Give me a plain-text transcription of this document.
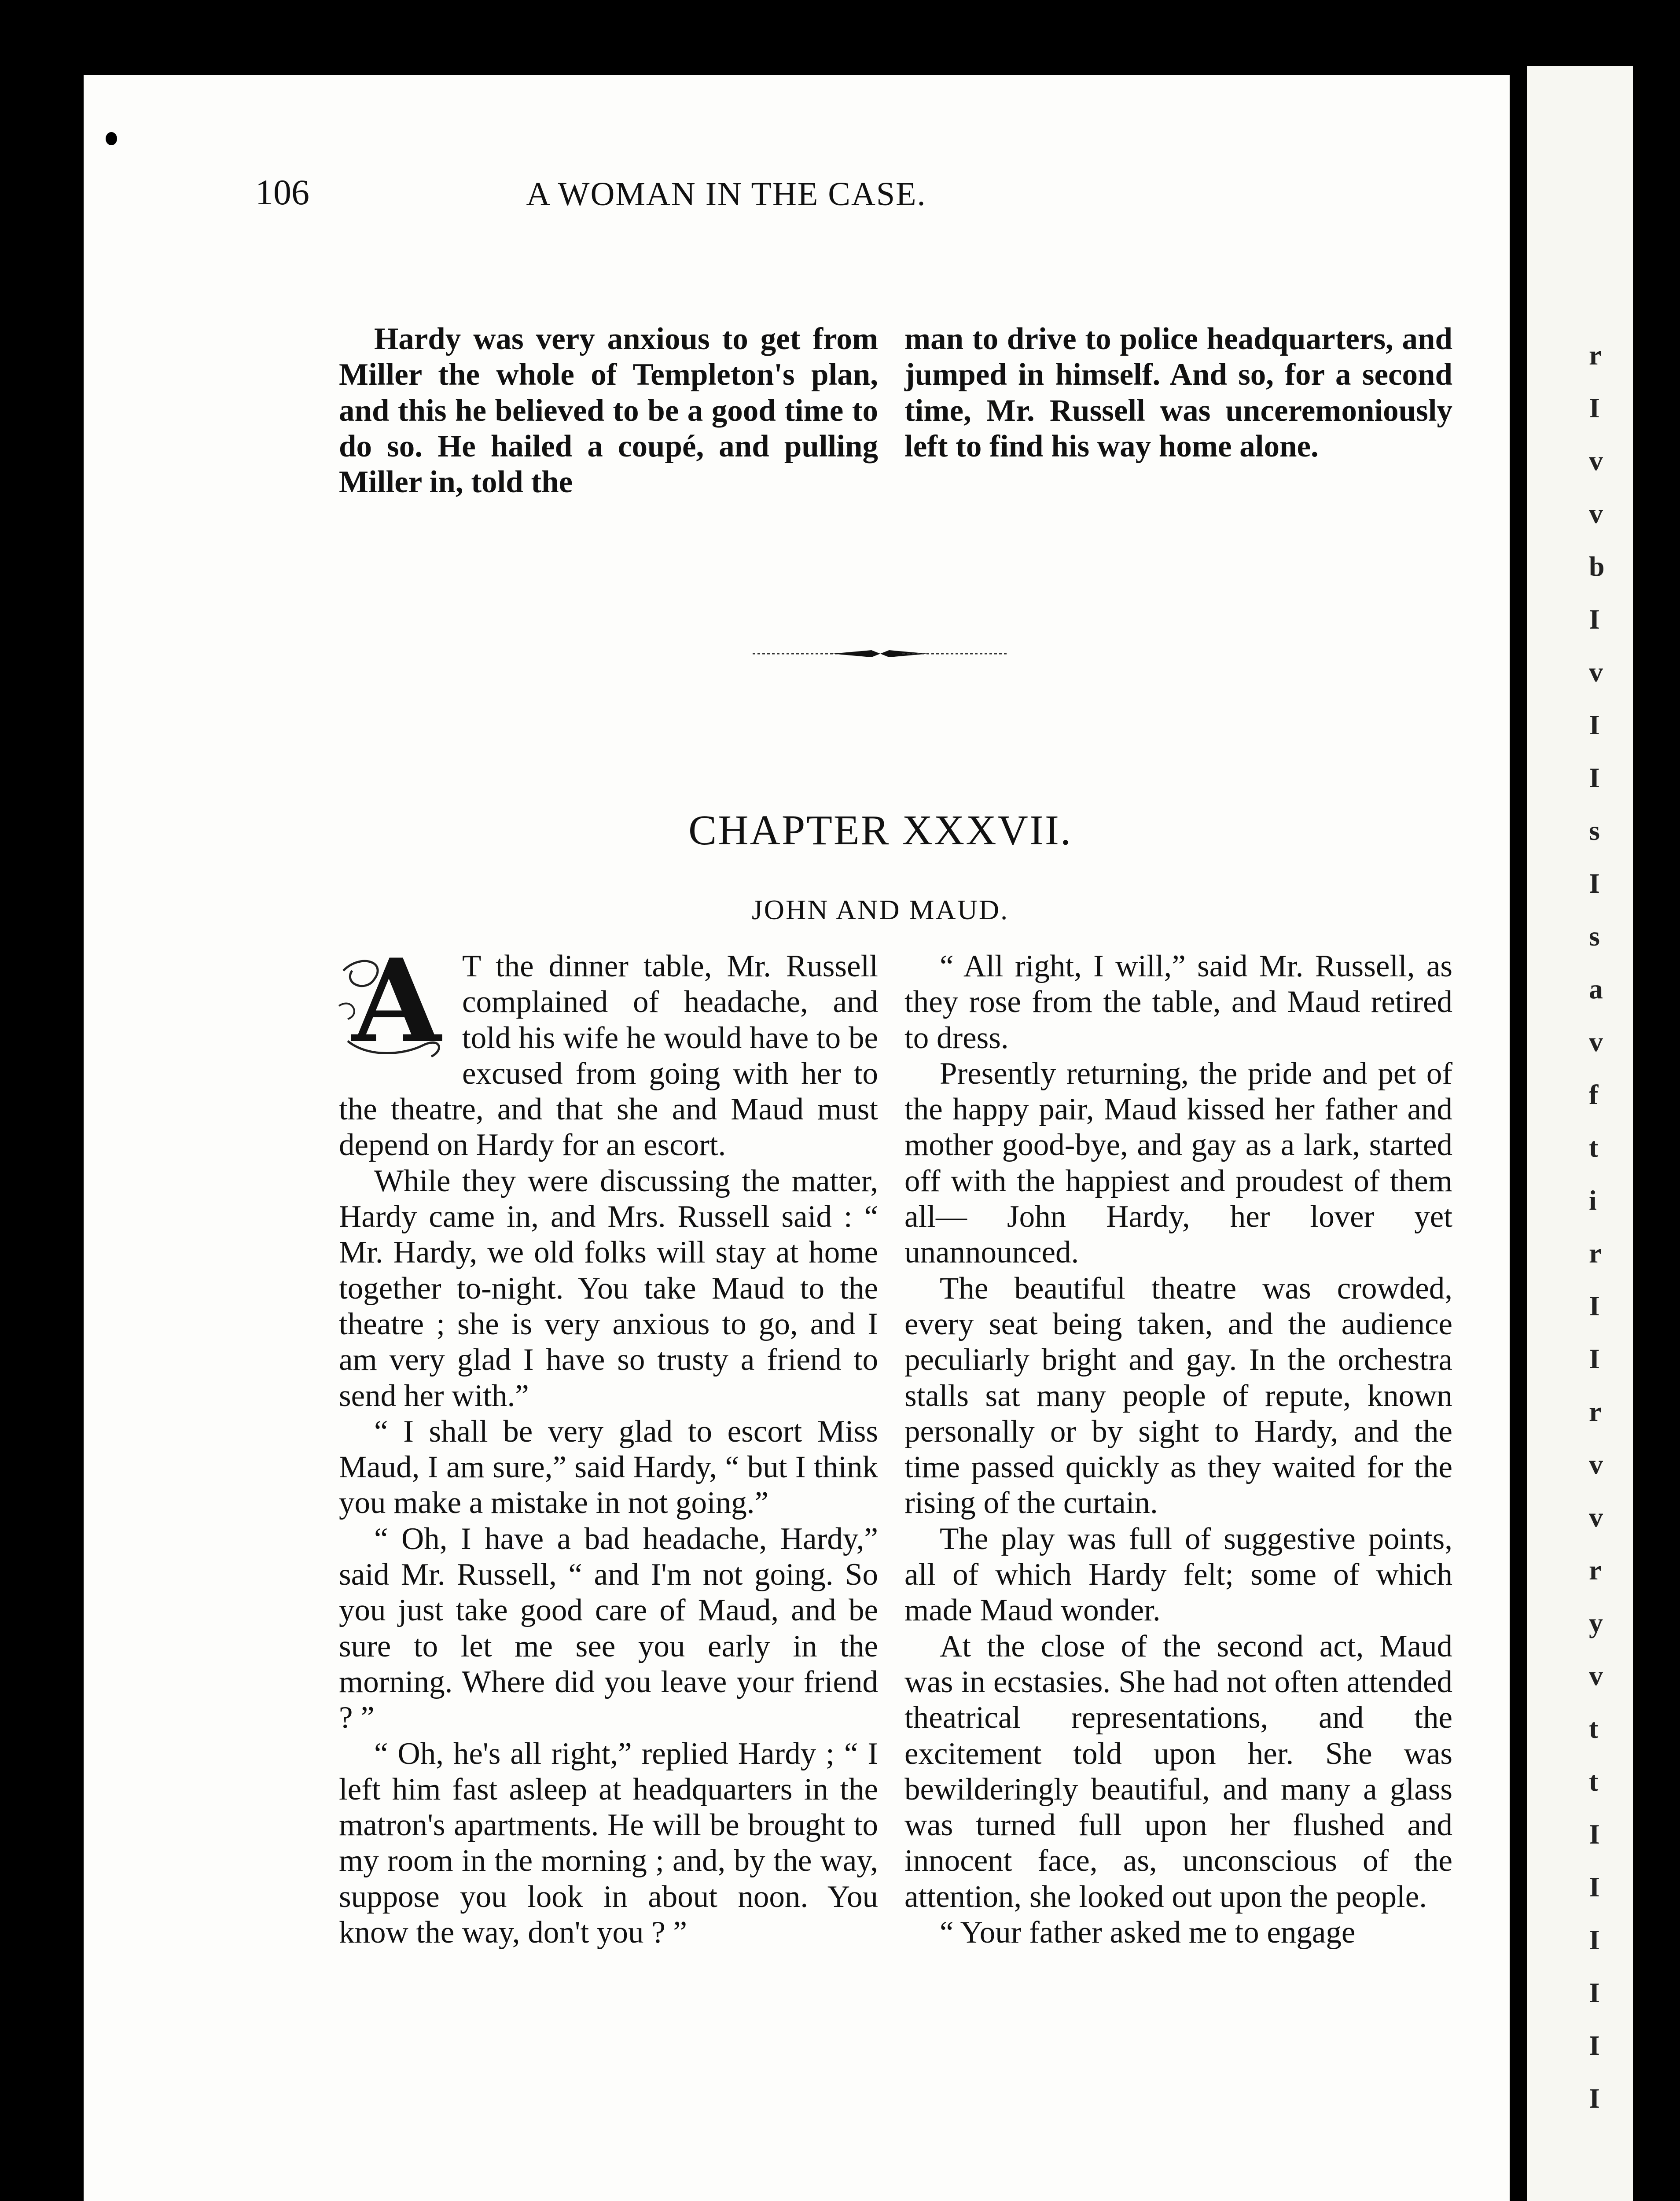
r
I
v
v
b
I
v
I
I
s
I
s
a
v
f
t
i
r
I
I
r
v
v
r
y
v
t
t
I
I
I
I
I
I
106	A WOMAN IN THE CASE.

Hardy was very anxious to get from Miller the whole of Templeton's plan, and this he believed to be a good time to do so. He hailed a coupé, and pulling Miller in, told the

man to drive to police headquarters, and jumped in himself. And so, for a second time, Mr. Russell was unceremoniously left to find his way home alone.

CHAPTER XXXVII.
JOHN AND MAUD.

A T the dinner table, Mr. Russell complained of headache, and told his wife he would have to be excused from going with her to the theatre, and that she and Maud must depend on Hardy for an escort.

While they were discussing the matter, Hardy came in, and Mrs. Russell said : “ Mr. Hardy, we old folks will stay at home together to-night. You take Maud to the theatre ; she is very anxious to go, and I am very glad I have so trusty a friend to send her with.”

“ I shall be very glad to escort Miss Maud, I am sure,” said Hardy, “ but I think you make a mistake in not going.”

“ Oh, I have a bad headache, Hardy,” said Mr. Russell, “ and I'm not going. So you just take good care of Maud, and be sure to let me see you early in the morning. Where did you leave your friend ? ”

“ Oh, he's all right,” replied Hardy ; “ I left him fast asleep at headquarters in the matron's apartments. He will be brought to my room in the morning ; and, by the way, suppose you look in about noon. You know the way, don't you ? ”

“ All right, I will,” said Mr. Russell, as they rose from the table, and Maud retired to dress.

Presently returning, the pride and pet of the happy pair, Maud kissed her father and mother good-bye, and gay as a lark, started off with the happiest and proudest of them all— John Hardy, her lover yet unannounced.

The beautiful theatre was crowded, every seat being taken, and the audience peculiarly bright and gay. In the orchestra stalls sat many people of repute, known personally or by sight to Hardy, and the time passed quickly as they waited for the rising of the curtain.

The play was full of suggestive points, all of which Hardy felt; some of which made Maud wonder.

At the close of the second act, Maud was in ecstasies. She had not often attended theatrical representations, and the excitement told upon her. She was bewilderingly beautiful, and many a glass was turned full upon her flushed and innocent face, as, unconscious of the attention, she looked out upon the people.

“ Your father asked me to engage
